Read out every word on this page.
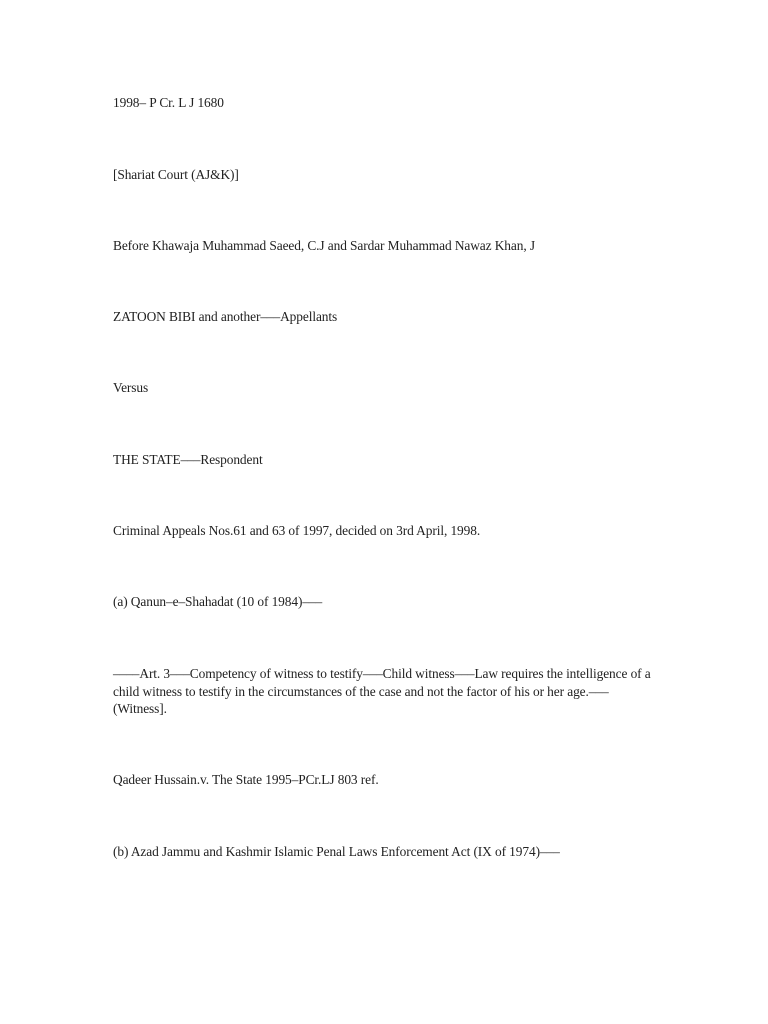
1998– P Cr. L J 1680

[Shariat Court (AJ&K)]

Before Khawaja Muhammad Saeed, C.J and Sardar Muhammad Nawaz Khan, J

ZATOON BIBI and another–––Appellants

Versus

THE STATE–––Respondent

Criminal Appeals Nos.61 and 63 of 1997, decided on 3rd April, 1998.

(a) Qanun–e–Shahadat (10 of 1984)–––

––––Art. 3–––Competency of witness to testify–––Child witness–––Law requires the intelligence of a child witness to testify in the circumstances of the case and not the factor of his or her age.–––(Witness].

Qadeer Hussain.v. The State 1995–PCr.LJ 803 ref.

(b) Azad Jammu and Kashmir Islamic Penal Laws Enforcement Act (IX of 1974)–––
